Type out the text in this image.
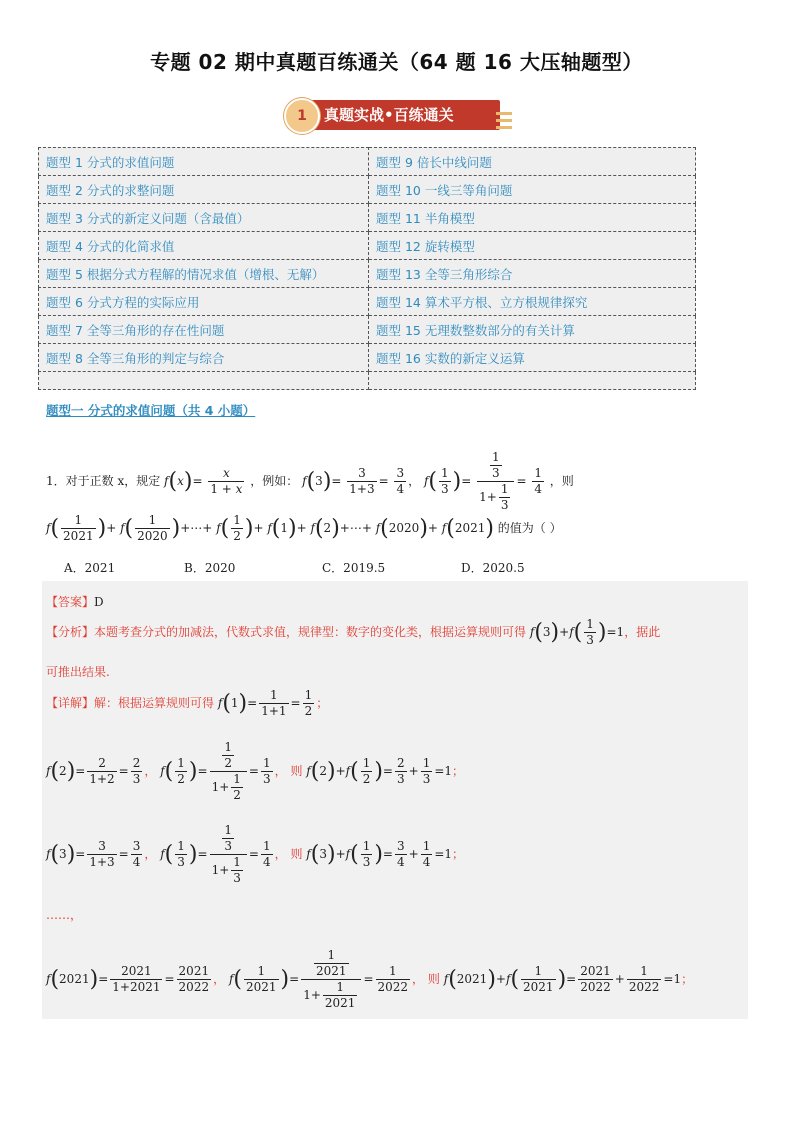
专题 02 期中真题百练通关（64 题 16 大压轴题型）
1	真题实战•百练通关
题型 1 分式的求值问题	题型 9 倍长中线问题
题型 2 分式的求整问题	题型 10 一线三等角问题
题型 3 分式的新定义问题（含最值）	题型 11 半角模型
题型 4 分式的化简求值	题型 12 旋转模型
题型 5 根据分式方程解的情况求值（增根、无解）	题型 13 全等三角形综合
题型 6 分式方程的实际应用	题型 14 算术平方根、立方根规律探究
题型 7 全等三角形的存在性问题	题型 15 无理数整数部分的有关计算
题型 8 全等三角形的判定与综合	题型 16 实数的新定义运算

题型一 分式的求值问题（共 4 小题）
1．对于正数 x，规定 $f(x)= \frac{x}{1 + x}$ ，例如： $f(3)= \frac{3}{1+3} = \frac{3}{4}$ ， $f( \frac{1}{3}$ )= $\frac{\frac{1}{3}}{1+ \frac{1}{3}} = \frac{1}{4}$ ，则
$f( \frac{1}{2021}$ )+ $f( \frac{1}{2020}$ )+⋯+ $f( \frac{1}{2}$ )+ f(1)+ f(2)+⋯+ f(2020)+ f(2021) 的值为（ ）
A．2021	B．2020	C．2019.5	D．2020.5
【答案】D
【分析】本题考查分式的加减法，代数式求值，规律型：数字的变化类，根据运算规则可得 $f(3)+f( \frac{1}{3} )=1$，据此
可推出结果.
【详解】解：根据运算规则可得 $f(1)= \frac{1}{1+1} = \frac{1}{2}$ ；
$f(2)= \frac{2}{1+2} = \frac{2}{3}$ ， $f( \frac{1}{2}$ )= $\frac{\frac{1}{2}}{1+ \frac{1}{2}} = \frac{1}{3}$ ， 则 $f(2)+f( \frac{1}{2}$ )= $\frac{2}{3} + \frac{1}{3} =1$；
$f(3)= \frac{3}{1+3} = \frac{3}{4}$ ， $f( \frac{1}{3}$ )= $\frac{\frac{1}{3}}{1+ \frac{1}{3}} = \frac{1}{4}$ ， 则 $f(3)+f( \frac{1}{3}$ )= $\frac{3}{4} + \frac{1}{4} =1$；
……，
$f(2021)= \frac{2021}{1+2021} = \frac{2021}{2022}$ ， $f( \frac{1}{2021}$ )= $\frac{\frac{1}{2021}}{1+ \frac{1}{2021}} = \frac{1}{2022}$ ， 则 $f(2021)+f( \frac{1}{2021}$ )= $\frac{2021}{2022} + \frac{1}{2022} =1$；
